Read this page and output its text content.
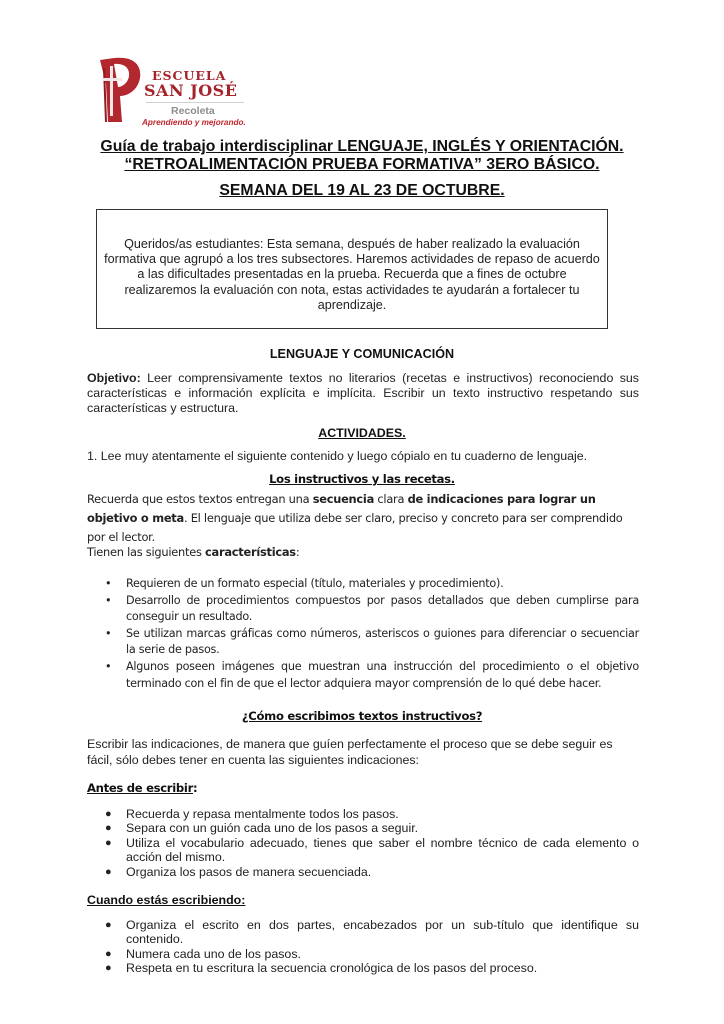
ESCUELA
SAN JOSÉ
Recoleta
Aprendiendo y mejorando.
Guía de trabajo interdisciplinar LENGUAJE, INGLÉS Y ORIENTACIÓN.
“RETROALIMENTACIÓN PRUEBA FORMATIVA” 3ERO BÁSICO.
SEMANA DEL 19 AL 23 DE OCTUBRE.

Queridos/as estudiantes: Esta semana, después de haber realizado la evaluación formativa que agrupó a los tres subsectores. Haremos actividades de repaso de acuerdo a las dificultades presentadas en la prueba. Recuerda que a fines de octubre realizaremos la evaluación con nota, estas actividades te ayudarán a fortalecer tu aprendizaje.

LENGUAJE Y COMUNICACIÓN
Objetivo: Leer comprensivamente textos no literarios (recetas e instructivos) reconociendo sus características e información explícita e implícita. Escribir un texto instructivo respetando sus características y estructura.
ACTIVIDADES.
1. Lee muy atentamente el siguiente contenido y luego cópialo en tu cuaderno de lenguaje.
Los instructivos y las recetas.
Recuerda que estos textos entregan una secuencia clara de indicaciones para lograr un objetivo o meta. El lenguaje que utiliza debe ser claro, preciso y concreto para ser comprendido por el lector.
Tienen las siguientes características:
• Requieren de un formato especial (título, materiales y procedimiento).
• Desarrollo de procedimientos compuestos por pasos detallados que deben cumplirse para conseguir un resultado.
• Se utilizan marcas gráficas como números, asteriscos o guiones para diferenciar o secuenciar la serie de pasos.
• Algunos poseen imágenes que muestran una instrucción del procedimiento o el objetivo terminado con el fin de que el lector adquiera mayor comprensión de lo qué debe hacer.
¿Cómo escribimos textos instructivos?
Escribir las indicaciones, de manera que guíen perfectamente el proceso que se debe seguir es fácil, sólo debes tener en cuenta las siguientes indicaciones:
Antes de escribir:
● Recuerda y repasa mentalmente todos los pasos.
● Separa con un guión cada uno de los pasos a seguir.
● Utiliza el vocabulario adecuado, tienes que saber el nombre técnico de cada elemento o acción del mismo.
● Organiza los pasos de manera secuenciada.
Cuando estás escribiendo:
● Organiza el escrito en dos partes, encabezados por un sub-título que identifique su contenido.
● Numera cada uno de los pasos.
● Respeta en tu escritura la secuencia cronológica de los pasos del proceso.
